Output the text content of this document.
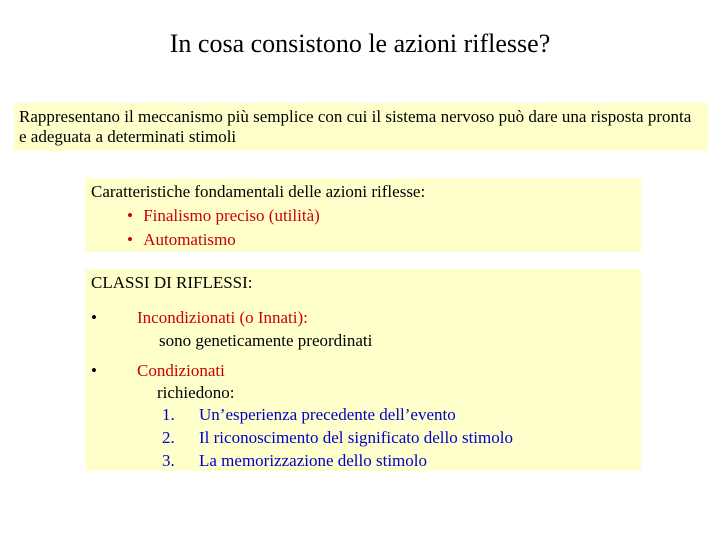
In cosa consistono le azioni riflesse?
Rappresentano il meccanismo più semplice con cui il sistema nervoso può dare una risposta pronta e adeguata a determinati stimoli
Caratteristiche fondamentali delle azioni riflesse:
• Finalismo preciso (utilità)
• Automatismo
CLASSI DI RIFLESSI:
• Incondizionati (o Innati):
sono geneticamente preordinati
• Condizionati
richiedono:
1. Un’esperienza precedente dell’evento
2. Il riconoscimento del significato dello stimolo
3. La memorizzazione dello stimolo
